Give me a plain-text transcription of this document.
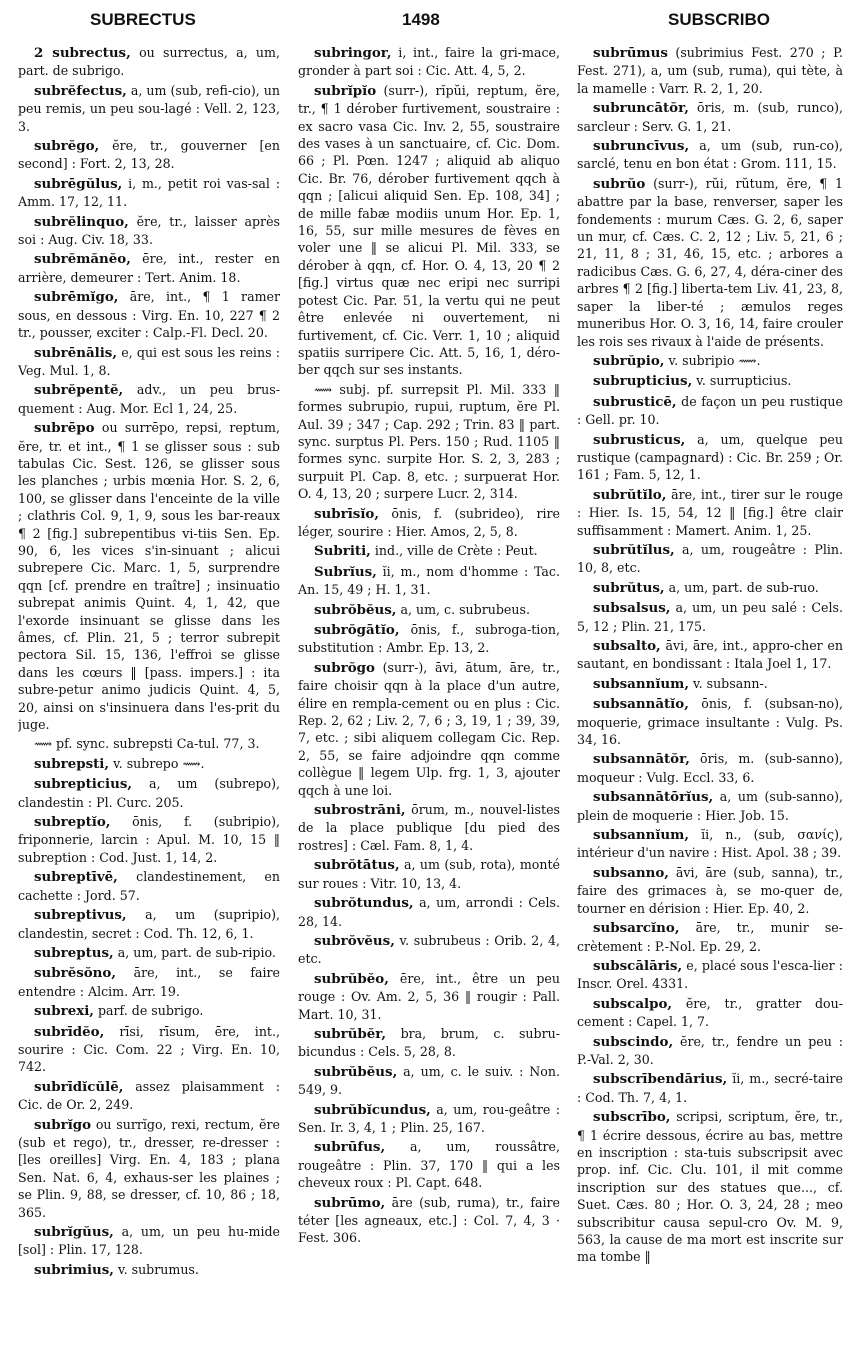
SUBRECTUS	1498	SUBSCRIBO

2 subrectus, ou surrectus, a, um, part. de subrigo.

subrĕfectus, a, um (sub, refi-cio), un peu remis, un peu sou-lagé : Vell. 2, 123, 3.

subrĕgo, ĕre, tr., gouverner [en second] : Fort. 2, 13, 28.

subrēgŭlus, i, m., petit roi vas-sal : Amm. 17, 12, 11.

subrĕlinquo, ĕre, tr., laisser après soi : Aug. Civ. 18, 33.

subrĕmănĕo, ēre, int., rester en arrière, demeurer : Tert. Anim. 18.

subrēmĭgo, āre, int., ¶ 1 ramer sous, en dessous : Virg. En. 10, 227 ¶ 2 tr., pousser, exciter : Calp.-Fl. Decl. 20.

subrēnālis, e, qui est sous les reins : Veg. Mul. 1, 8.

subrĕpentĕ, adv., un peu brus-quement : Aug. Mor. Ecl 1, 24, 25.

subrēpo ou surrēpo, repsi, reptum, ĕre, tr. et int., ¶ 1 se glisser sous : sub tabulas Cic. Sest. 126, se glisser sous les planches ; urbis mœnia Hor. S. 2, 6, 100, se glisser dans l'enceinte de la ville ; clathris Col. 9, 1, 9, sous les bar-reaux ¶ 2 [fig.] subrepentibus vi-tiis Sen. Ep. 90, 6, les vices s'in-sinuant ; alicui subrepere Cic. Marc. 1, 5, surprendre qqn [cf. prendre en traître] ; insinuatio subrepat animis Quint. 4, 1, 42, que l'exorde insinuant se glisse dans les âmes, cf. Plin. 21, 5 ; terror subrepit pectora Sil. 15, 136, l'effroi se glisse dans les cœurs ‖ [pass. impers.] : ita subre-petur animo judicis Quint. 4, 5, 20, ainsi on s'insinuera dans l'es-prit du juge.

⟿ pf. sync. subrepsti Ca-tul. 77, 3.

subrepsti, v. subrepo ⟿.

subrepticius, a, um (subrepo), clandestin : Pl. Curc. 205.

subreptĭo, ōnis, f. (subripio), friponnerie, larcin : Apul. M. 10, 15 ‖ subreption : Cod. Just. 1, 14, 2.

subreptīvē, clandestinement, en cachette : Jord. 57.

subreptivus, a, um (supripio), clandestin, secret : Cod. Th. 12, 6, 1.

subreptus, a, um, part. de sub-ripio.

subrĕsŏno, āre, int., se faire entendre : Alcim. Arr. 19.

subrexi, parf. de subrigo.

subrīdĕo, rīsi, rīsum, ēre, int., sourire : Cic. Com. 22 ; Virg. En. 10, 742.

subrīdĭcŭlē, assez plaisamment : Cic. de Or. 2, 249.

subrĭgo ou surrĭgo, rexi, rectum, ĕre (sub et rego), tr., dresser, re-dresser : [les oreilles] Virg. En. 4, 183 ; plana Sen. Nat. 6, 4, exhaus-ser les plaines ; se Plin. 9, 88, se dresser, cf. 10, 86 ; 18, 365.

subrĭgŭus, a, um, un peu hu-mide [sol] : Plin. 17, 128.

subrimius, v. subrumus.

subringor, i, int., faire la gri-mace, gronder à part soi : Cic. Att. 4, 5, 2.

subrĭpĭo (surr-), rĭpŭi, reptum, ĕre, tr., ¶ 1 dérober furtivement, soustraire : ex sacro vasa Cic. Inv. 2, 55, soustraire des vases à un sanctuaire, cf. Cic. Dom. 66 ; Pl. Pœn. 1247 ; aliquid ab aliquo Cic. Br. 76, dérober furtivement qqch à qqn ; [alicui aliquid Sen. Ep. 108, 34] ; de mille fabæ modiis unum Hor. Ep. 1, 16, 55, sur mille mesures de fèves en voler une ‖ se alicui Pl. Mil. 333, se dérober à qqn, cf. Hor. O. 4, 13, 20 ¶ 2 [fig.] virtus quæ nec eripi nec surripi potest Cic. Par. 51, la vertu qui ne peut être enlevée ni ouvertement, ni furtivement, cf. Cic. Verr. 1, 10 ; aliquid spatiis surripere Cic. Att. 5, 16, 1, déro-ber qqch sur ses instants.

⟿ subj. pf. surrepsit Pl. Mil. 333 ‖ formes subrupio, rupui, ruptum, ĕre Pl. Aul. 39 ; 347 ; Cap. 292 ; Trin. 83 ‖ part. sync. surptus Pl. Pers. 150 ; Rud. 1105 ‖ formes sync. surpite Hor. S. 2, 3, 283 ; surpuit Pl. Cap. 8, etc. ; surpuerat Hor. O. 4, 13, 20 ; surpere Lucr. 2, 314.

subrīsĭo, ōnis, f. (subrideo), rire léger, sourire : Hier. Amos, 2, 5, 8.

Subriti, ind., ville de Crète : Peut.

Subrĭus, ĭi, m., nom d'homme : Tac. An. 15, 49 ; H. 1, 31.

subrŏbĕus, a, um, c. subrubeus.

subrŏgātĭo, ōnis, f., subroga-tion, substitution : Ambr. Ep. 13, 2.

subrŏgo (surr-), āvi, ātum, āre, tr., faire choisir qqn à la place d'un autre, élire en rempla-cement ou en plus : Cic. Rep. 2, 62 ; Liv. 2, 7, 6 ; 3, 19, 1 ; 39, 39, 7, etc. ; sibi aliquem collegam Cic. Rep. 2, 55, se faire adjoindre qqn comme collègue ‖ legem Ulp. frg. 1, 3, ajouter qqch à une loi.

subrostrāni, ōrum, m., nouvel-listes de la place publique [du pied des rostres] : Cæl. Fam. 8, 1, 4.

subrŏtātus, a, um (sub, rota), monté sur roues : Vitr. 10, 13, 4.

subrŏtundus, a, um, arrondi : Cels. 28, 14.

subrŏvĕus, v. subrubeus : Orib. 2, 4, etc.

subrŭbĕo, ēre, int., être un peu rouge : Ov. Am. 2, 5, 36 ‖ rougir : Pall. Mart. 10, 31.

subrŭbĕr, bra, brum, c. subru-bicundus : Cels. 5, 28, 8.

subrŭbĕus, a, um, c. le suiv. : Non. 549, 9.

subrŭbĭcundus, a, um, rou-geâtre : Sen. Ir. 3, 4, 1 ; Plin. 25, 167.

subrūfus, a, um, roussâtre, rougeâtre : Plin. 37, 170 ‖ qui a les cheveux roux : Pl. Capt. 648.

subrūmo, āre (sub, ruma), tr., faire téter [les agneaux, etc.] : Col. 7, 4, 3 · Fest. 306.

subrūmus (subrimius Fest. 270 ; P. Fest. 271), a, um (sub, ruma), qui tète, à la mamelle : Varr. R. 2, 1, 20.

subruncātŏr, ōris, m. (sub, runco), sarcleur : Serv. G. 1, 21.

subruncīvus, a, um (sub, run-co), sarclé, tenu en bon état : Grom. 111, 15.

subrŭo (surr-), rŭi, rŭtum, ĕre, ¶ 1 abattre par la base, renverser, saper les fondements : murum Cæs. G. 2, 6, saper un mur, cf. Cæs. C. 2, 12 ; Liv. 5, 21, 6 ; 21, 11, 8 ; 31, 46, 15, etc. ; arbores a radicibus Cæs. G. 6, 27, 4, déra-ciner des arbres ¶ 2 [fig.] liberta-tem Liv. 41, 23, 8, saper la liber-té ; æmulos reges muneribus Hor. O. 3, 16, 14, faire crouler les rois ses rivaux à l'aide de présents.

subrŭpio, v. subripio ⟿.

subrupticius, v. surrupticius.

subrusticē, de façon un peu rustique : Gell. pr. 10.

subrusticus, a, um, quelque peu rustique (campagnard) : Cic. Br. 259 ; Or. 161 ; Fam. 5, 12, 1.

subrŭtĭlo, āre, int., tirer sur le rouge : Hier. Is. 15, 54, 12 ‖ [fig.] être clair suffisamment : Mamert. Anim. 1, 25.

subrŭtĭlus, a, um, rougeâtre : Plin. 10, 8, etc.

subrŭtus, a, um, part. de sub-ruo.

subsalsus, a, um, un peu salé : Cels. 5, 12 ; Plin. 21, 175.

subsalto, āvi, āre, int., appro-cher en sautant, en bondissant : Itala Joel 1, 17.

subsannĭum, v. subsann-.

subsannātĭo, ōnis, f. (subsan-no), moquerie, grimace insultante : Vulg. Ps. 34, 16.

subsannātŏr, ōris, m. (sub-sanno), moqueur : Vulg. Eccl. 33, 6.

subsannātōrĭus, a, um (sub-sanno), plein de moquerie : Hier. Job. 15.

subsannĭum, ĭi, n., (sub, σανίς), intérieur d'un navire : Hist. Apol. 38 ; 39.

subsanno, āvi, āre (sub, sanna), tr., faire des grimaces à, se mo-quer de, tourner en dérision : Hier. Ep. 40, 2.

subsarcĭno, āre, tr., munir se-crètement : P.-Nol. Ep. 29, 2.

subscālāris, e, placé sous l'esca-lier : Inscr. Orel. 4331.

subscalpo, ĕre, tr., gratter dou-cement : Capel. 1, 7.

subscindo, ĕre, tr., fendre un peu : P.-Val. 2, 30.

subscrībendārius, ĭi, m., secré-taire : Cod. Th. 7, 4, 1.

subscrībo, scripsi, scriptum, ĕre, tr., ¶ 1 écrire dessous, écrire au bas, mettre en inscription : sta-tuis subscripsit avec prop. inf. Cic. Clu. 101, il mit comme inscription sur des statues que..., cf. Suet. Cæs. 80 ; Hor. O. 3, 24, 28 ; meo subscribitur causa sepul-cro Ov. M. 9, 563, la cause de ma mort est inscrite sur ma tombe ‖
